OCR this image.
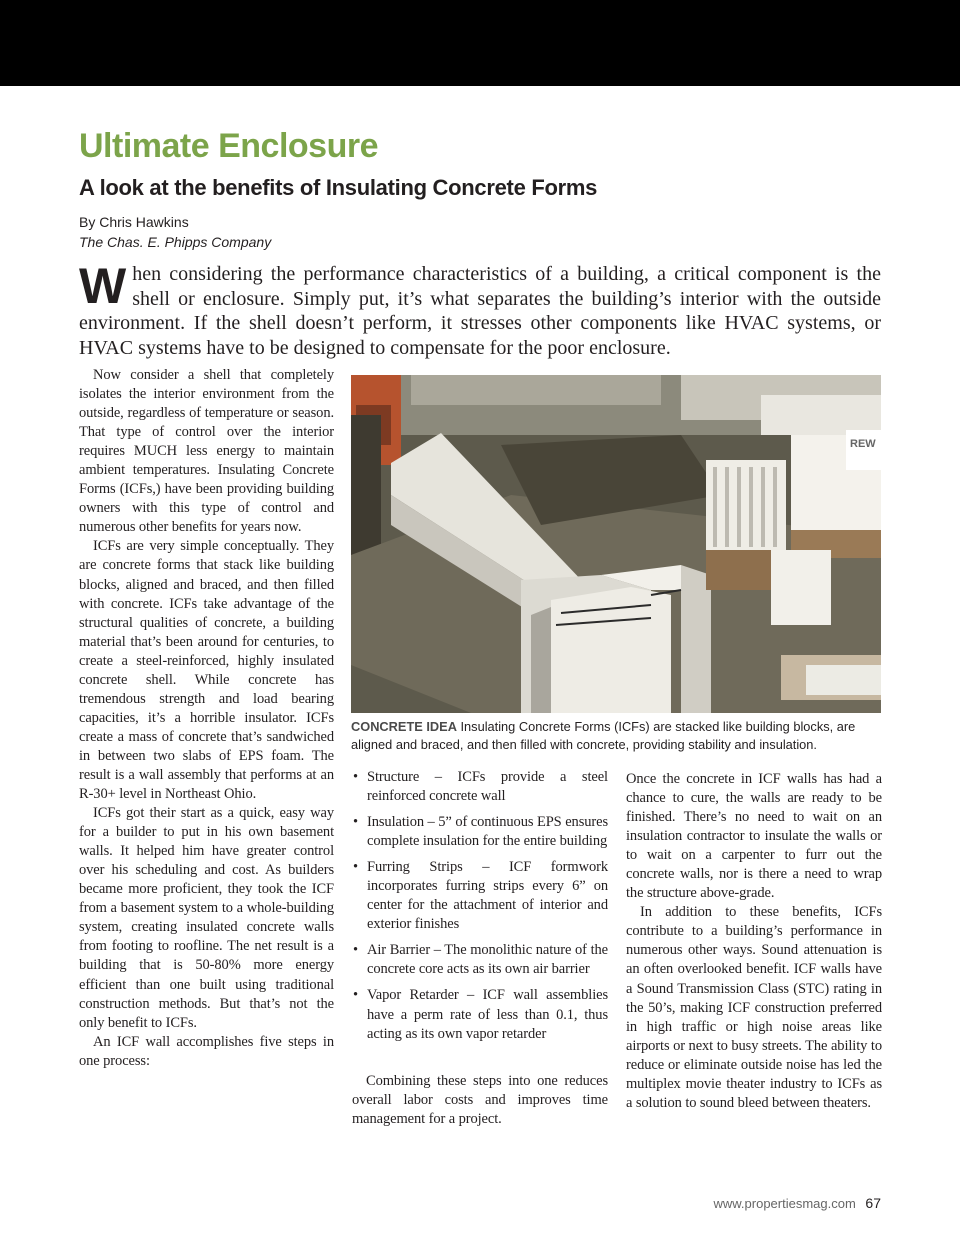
Ultimate Enclosure
A look at the benefits of Insulating Concrete Forms
By Chris Hawkins
The Chas. E. Phipps Company

When considering the performance characteristics of a building, a critical component is the shell or enclosure. Simply put, it’s what separates the building’s interior with the outside environment. If the shell doesn’t perform, it stresses other components like HVAC systems, or HVAC systems have to be designed to compensate for the poor enclosure.

Now consider a shell that completely isolates the interior environment from the outside, regardless of temperature or season. That type of control over the interior requires MUCH less energy to maintain ambient temperatures. Insulating Concrete Forms (ICFs,) have been providing building owners with this type of control and numerous other benefits for years now.

ICFs are very simple conceptually. They are concrete forms that stack like building blocks, aligned and braced, and then filled with concrete. ICFs take advantage of the structural qualities of concrete, a building material that’s been around for centuries, to create a steel-reinforced, highly insulated concrete shell. While concrete has tremendous strength and load bearing capacities, it’s a horrible insulator. ICFs create a mass of concrete that’s sandwiched in between two slabs of EPS foam. The result is a wall assembly that performs at an R-30+ level in Northeast Ohio.

ICFs got their start as a quick, easy way for a builder to put in his own basement walls. It helped him have greater control over his scheduling and cost. As builders became more proficient, they took the ICF from a basement system to a whole-building system, creating insulated concrete walls from footing to roofline. The net result is a building that is 50-80% more energy efficient than one built using traditional construction methods. But that’s not the only benefit to ICFs.

An ICF wall accomplishes five steps in one process:

REW
CONCRETE IDEA Insulating Concrete Forms (ICFs) are stacked like building blocks, are aligned and braced, and then filled with concrete, providing stability and insulation.
• Structure – ICFs provide a steel reinforced concrete wall
• Insulation – 5” of continuous EPS ensures complete insulation for the entire building
• Furring Strips – ICF formwork incorporates furring strips every 6” on center for the attachment of interior and exterior finishes
• Air Barrier – The monolithic nature of the concrete core acts as its own air barrier
• Vapor Retarder – ICF wall assemblies have a perm rate of less than 0.1, thus acting as its own vapor retarder

Combining these steps into one reduces overall labor costs and improves time management for a project.

Once the concrete in ICF walls has had a chance to cure, the walls are ready to be finished. There’s no need to wait on an insulation contractor to insulate the walls or to wait on a carpenter to furr out the concrete walls, nor is there a need to wrap the structure above-grade.

In addition to these benefits, ICFs contribute to a building’s performance in numerous other ways. Sound attenuation is an often overlooked benefit. ICF walls have a Sound Transmission Class (STC) rating in the 50’s, making ICF construction preferred in high traffic or high noise areas like airports or next to busy streets. The ability to reduce or eliminate outside noise has led the multiplex movie theater industry to ICFs as a solution to sound bleed between theaters.

www.propertiesmag.com 67
